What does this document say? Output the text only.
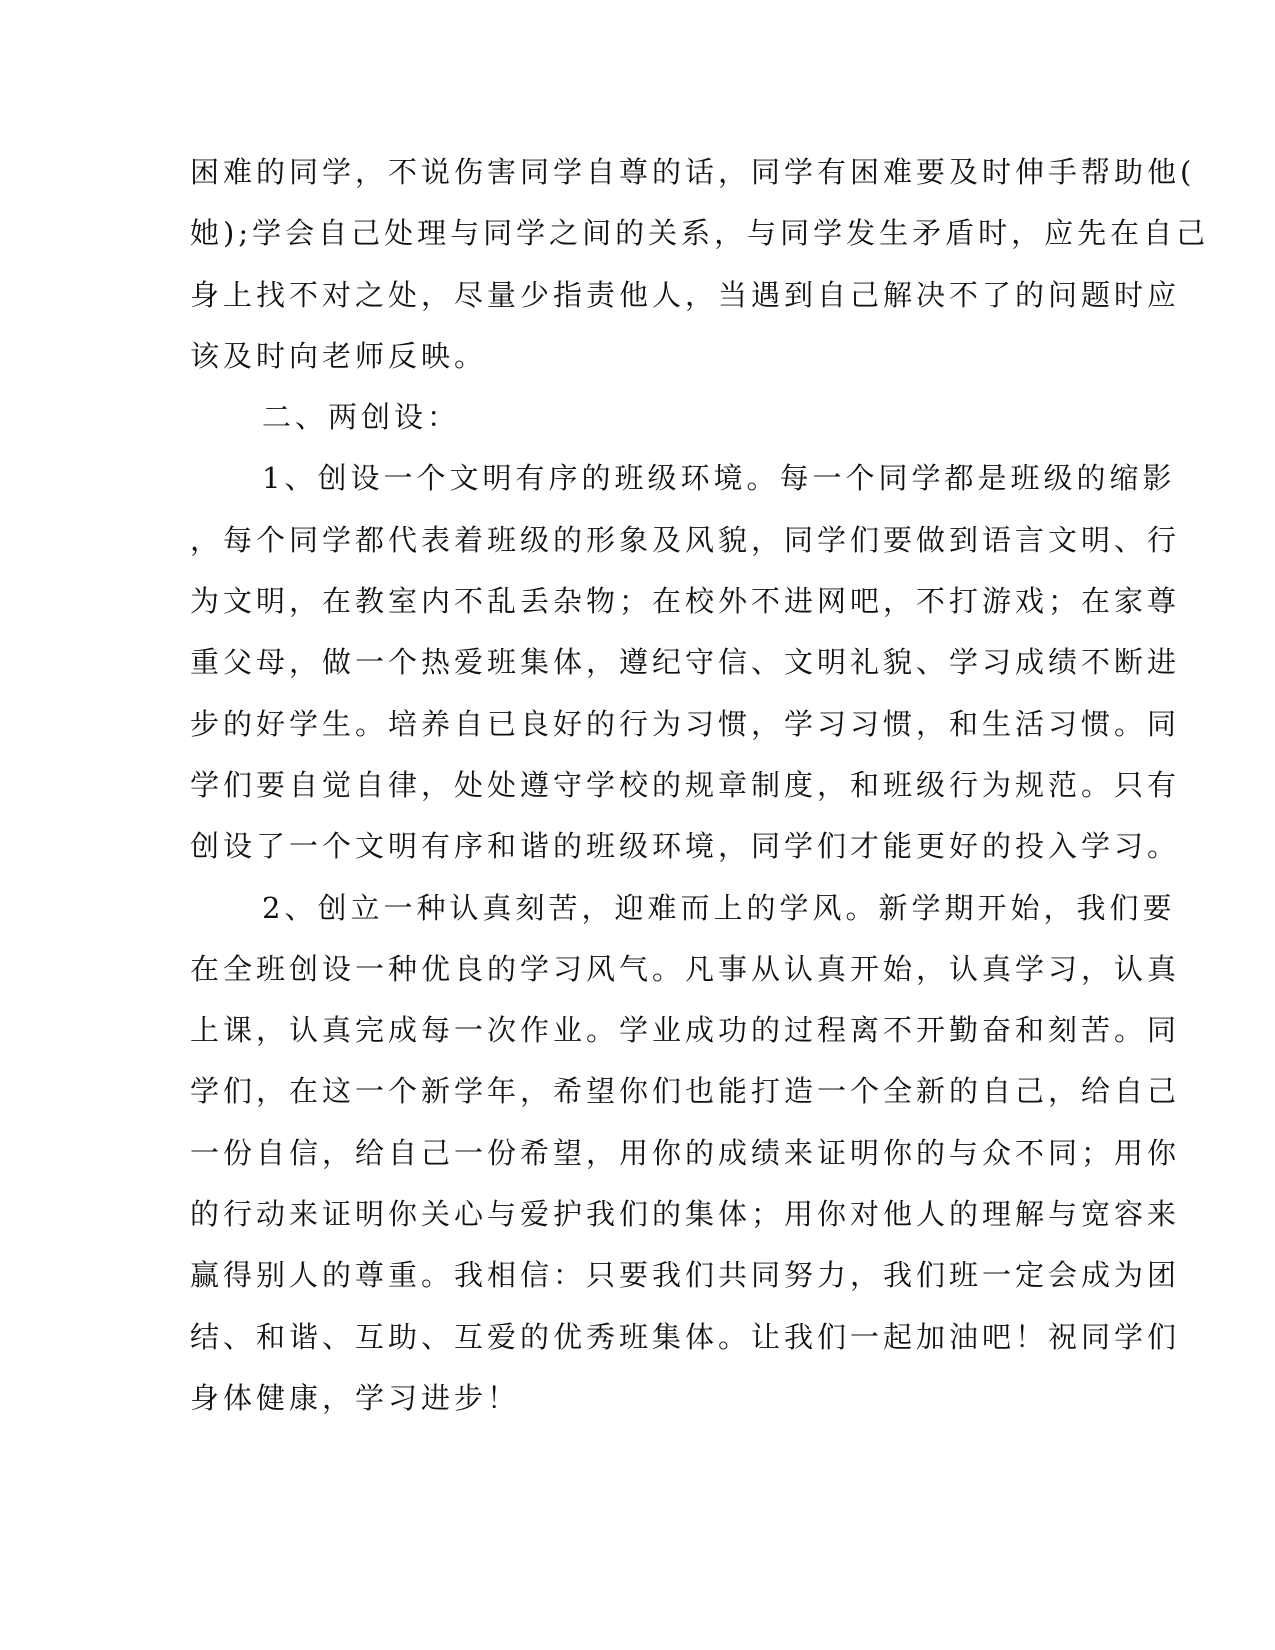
困难的同学，不说伤害同学自尊的话，同学有困难要及时伸手帮助他(
她);学会自己处理与同学之间的关系，与同学发生矛盾时，应先在自己
身上找不对之处，尽量少指责他人，当遇到自己解决不了的问题时应
该及时向老师反映。
二、两创设：
1、创设一个文明有序的班级环境。每一个同学都是班级的缩影
，每个同学都代表着班级的形象及风貌，同学们要做到语言文明、行
为文明，在教室内不乱丢杂物；在校外不进网吧，不打游戏；在家尊
重父母，做一个热爱班集体，遵纪守信、文明礼貌、学习成绩不断进
步的好学生。培养自已良好的行为习惯，学习习惯，和生活习惯。同
学们要自觉自律，处处遵守学校的规章制度，和班级行为规范。只有
创设了一个文明有序和谐的班级环境，同学们才能更好的投入学习。
2、创立一种认真刻苦，迎难而上的学风。新学期开始，我们要
在全班创设一种优良的学习风气。凡事从认真开始，认真学习，认真
上课，认真完成每一次作业。学业成功的过程离不开勤奋和刻苦。同
学们，在这一个新学年，希望你们也能打造一个全新的自己，给自己
一份自信，给自己一份希望，用你的成绩来证明你的与众不同；用你
的行动来证明你关心与爱护我们的集体；用你对他人的理解与宽容来
赢得别人的尊重。我相信：只要我们共同努力，我们班一定会成为团
结、和谐、互助、互爱的优秀班集体。让我们一起加油吧！祝同学们
身体健康，学习进步！
